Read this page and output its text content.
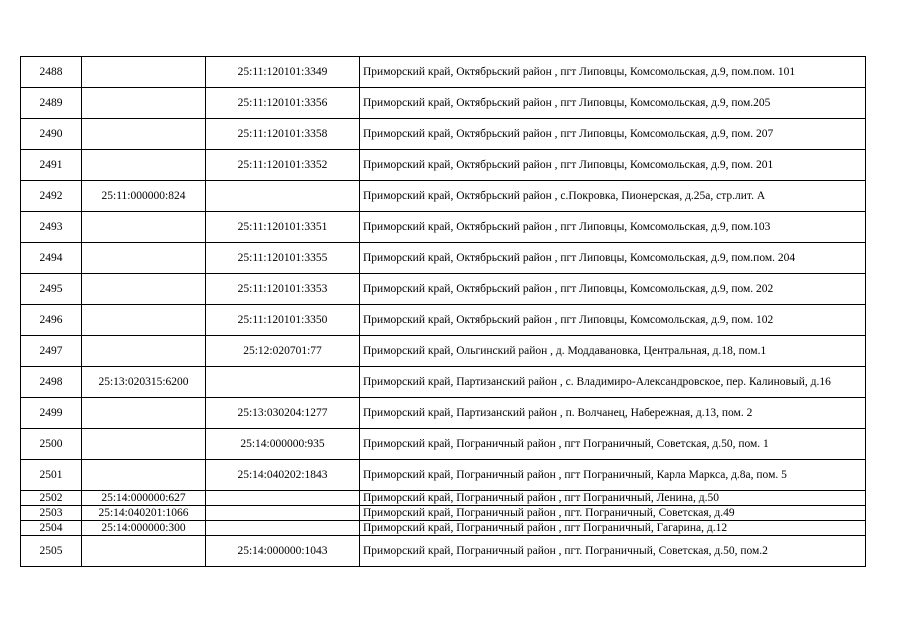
2488		25:11:120101:3349	Приморский край, Октябрьский район , пгт Липовцы, Комсомольская, д.9, пом.пом. 101
2489		25:11:120101:3356	Приморский край, Октябрьский район , пгт Липовцы, Комсомольская, д.9, пом.205
2490		25:11:120101:3358	Приморский край, Октябрьский район , пгт Липовцы, Комсомольская, д.9, пом. 207
2491		25:11:120101:3352	Приморский край, Октябрьский район , пгт Липовцы, Комсомольская, д.9, пом. 201
2492	25:11:000000:824		Приморский край, Октябрьский район , с.Покровка, Пионерская, д.25а, стр.лит. А
2493		25:11:120101:3351	Приморский край, Октябрьский район , пгт Липовцы, Комсомольская, д.9, пом.103
2494		25:11:120101:3355	Приморский край, Октябрьский район , пгт Липовцы, Комсомольская, д.9, пом.пом. 204
2495		25:11:120101:3353	Приморский край, Октябрьский район , пгт Липовцы, Комсомольская, д.9, пом. 202
2496		25:11:120101:3350	Приморский край, Октябрьский район , пгт Липовцы, Комсомольская, д.9, пом. 102
2497		25:12:020701:77	Приморский край, Ольгинский район , д. Моддавановка, Центральная, д.18, пом.1
2498	25:13:020315:6200		Приморский край, Партизанский район , с. Владимиро-Александровское, пер. Калиновый, д.16
2499		25:13:030204:1277	Приморский край, Партизанский район , п. Волчанец, Набережная, д.13, пом. 2
2500		25:14:000000:935	Приморский край, Пограничный район , пгт Пограничный, Советская, д.50, пом. 1
2501		25:14:040202:1843	Приморский край, Пограничный район , пгт Пограничный, Карла Маркса, д.8а, пом. 5
2502	25:14:000000:627		Приморский край, Пограничный район , пгт Пограничный, Ленина, д.50
2503	25:14:040201:1066		Приморский край, Пограничный район , пгт. Пограничный, Советская, д.49
2504	25:14:000000:300		Приморский край, Пограничный район , пгт Пограничный, Гагарина, д.12
2505		25:14:000000:1043	Приморский край, Пограничный район , пгт. Пограничный, Советская, д.50, пом.2
